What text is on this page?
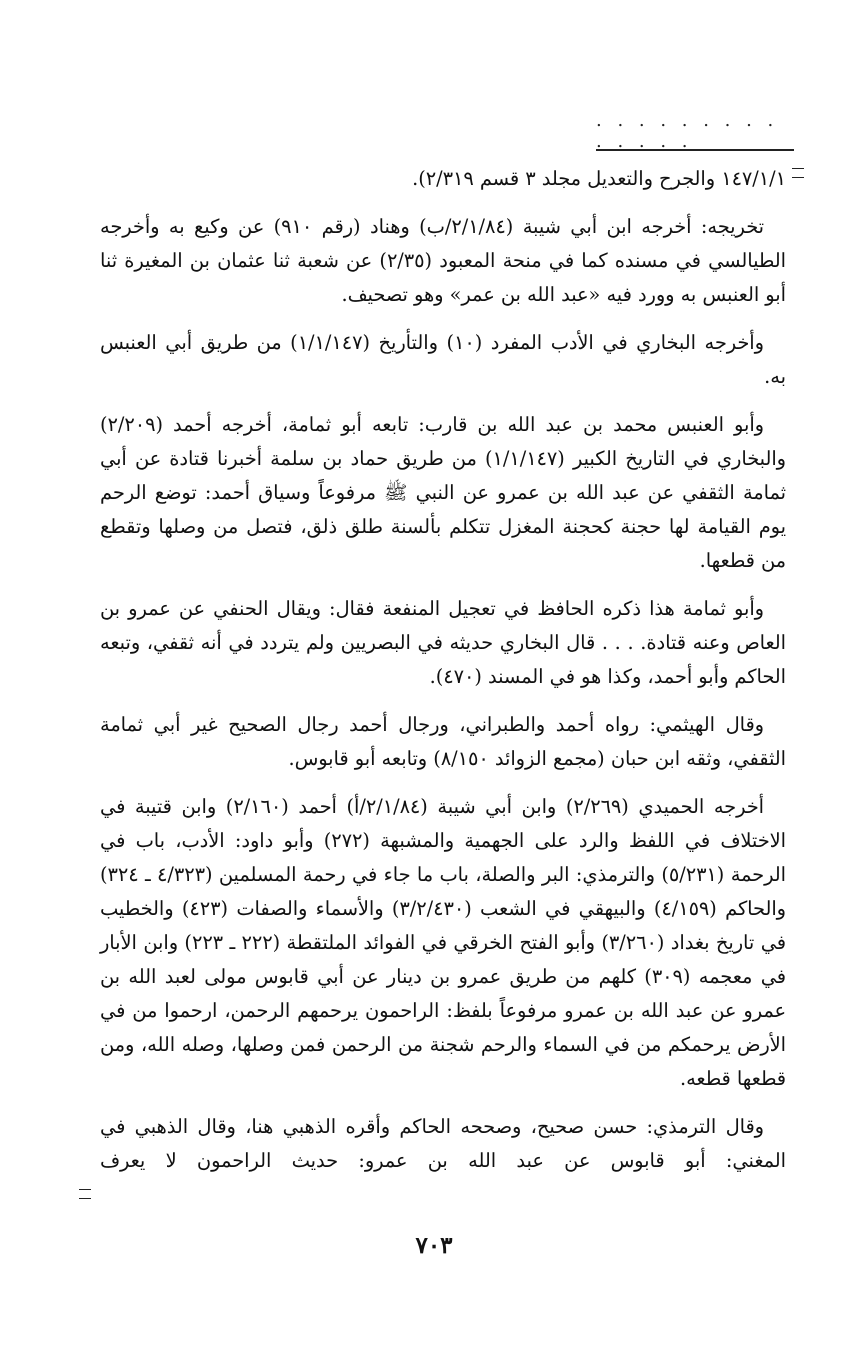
. . . . . . . . . . . . . .

١٤٧/١/١ والجرح والتعديل مجلد ٣ قسم ٢/٣١٩).

تخريجه: أخرجه ابن أبي شيبة (٢/١/٨٤/ب) وهناد (رقم ٩١٠) عن وكيع به وأخرجه الطيالسي في مسنده كما في منحة المعبود (٢/٣٥) عن شعبة ثنا عثمان بن المغيرة ثنا أبو العنبس به وورد فيه «عبد الله بن عمر» وهو تصحيف.

وأخرجه البخاري في الأدب المفرد (١٠) والتأريخ (١/١/١٤٧) من طريق أبي العنبس به.

وأبو العنبس محمد بن عبد الله بن قارب: تابعه أبو ثمامة، أخرجه أحمد (٢/٢٠٩) والبخاري في التاريخ الكبير (١/١/١٤٧) من طريق حماد بن سلمة أخبرنا قتادة عن أبي ثمامة الثقفي عن عبد الله بن عمرو عن النبي ﷺ مرفوعاً وسياق أحمد: توضع الرحم يوم القيامة لها حجنة كحجنة المغزل تتكلم بألسنة طلق ذلق، فتصل من وصلها وتقطع من قطعها.

وأبو ثمامة هذا ذكره الحافظ في تعجيل المنفعة فقال: ويقال الحنفي عن عمرو بن العاص وعنه قتادة. . . . قال البخاري حديثه في البصريين ولم يتردد في أنه ثقفي، وتبعه الحاكم وأبو أحمد، وكذا هو في المسند (٤٧٠).

وقال الهيثمي: رواه أحمد والطبراني، ورجال أحمد رجال الصحيح غير أبي ثمامة الثقفي، وثقه ابن حبان (مجمع الزوائد ٨/١٥٠) وتابعه أبو قابوس.

أخرجه الحميدي (٢/٢٦٩) وابن أبي شيبة (٢/١/٨٤/أ) أحمد (٢/١٦٠) وابن قتيبة في الاختلاف في اللفظ والرد على الجهمية والمشبهة (٢٧٢) وأبو داود: الأدب، باب في الرحمة (٥/٢٣١) والترمذي: البر والصلة، باب ما جاء في رحمة المسلمين (٤/٣٢٣ ـ ٣٢٤) والحاكم (٤/١٥٩) والبيهقي في الشعب (٣/٢/٤٣٠) والأسماء والصفات (٤٢٣) والخطيب في تاريخ بغداد (٣/٢٦٠) وأبو الفتح الخرقي في الفوائد الملتقطة (٢٢٢ ـ ٢٢٣) وابن الأبار في معجمه (٣٠٩) كلهم من طريق عمرو بن دينار عن أبي قابوس مولى لعبد الله بن عمرو عن عبد الله بن عمرو مرفوعاً بلفظ: الراحمون يرحمهم الرحمن، ارحموا من في الأرض يرحمكم من في السماء والرحم شجنة من الرحمن فمن وصلها، وصله الله، ومن قطعها قطعه.

وقال الترمذي: حسن صحيح، وصححه الحاكم وأقره الذهبي هنا، وقال الذهبي في المغني: أبو قابوس عن عبد الله بن عمرو: حديث الراحمون لا يعرف

٧٠٣
